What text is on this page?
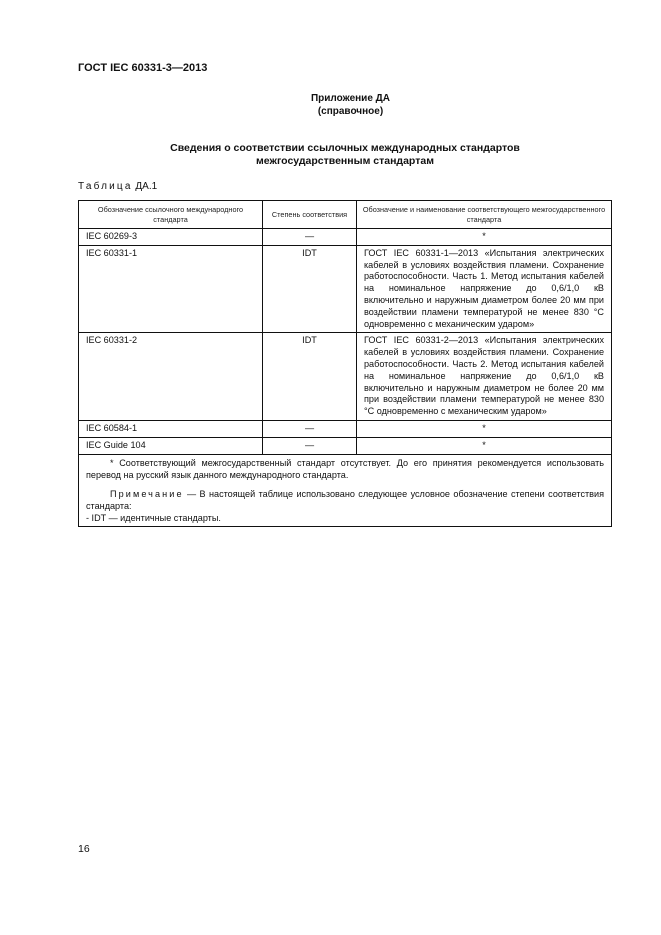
ГОСТ IEC 60331-3—2013
Приложение ДА
(справочное)
Сведения о соответствии ссылочных международных стандартов
межгосударственным стандартам
Таблица ДА.1
Обозначение ссылочного международного стандарта	Степень соответствия	Обозначение и наименование соответствующего межгосударственного стандарта
IEC 60269-3	—	*
IEC 60331-1	IDT	ГОСТ IEC 60331-1—2013 «Испытания электрических кабелей в условиях воздействия пламени. Сохранение работоспособности. Часть 1. Метод испытания кабелей на номинальное напряжение до 0,6/1,0 кВ включительно и наружным диаметром более 20 мм при воздействии пламени температурой не менее 830 °С одновременно с механическим ударом»
IEC 60331-2	IDT	ГОСТ IEC 60331-2—2013 «Испытания электрических кабелей в условиях воздействия пламени. Сохранение работоспособности. Часть 2. Метод испытания кабелей на номинальное напряжение до 0,6/1,0 кВ включительно и наружным диаметром не более 20 мм при воздействии пламени температурой не менее 830 °С одновременно с механическим ударом»
IEC 60584-1	—	*
IEC Guide 104	—	*

* Соответствующий межгосударственный стандарт отсутствует. До его принятия рекомендуется использовать перевод на русский язык данного международного стандарта.

Примечание — В настоящей таблице использовано следующее условное обозначение степени соответствия стандарта:

- IDT — идентичные стандарты.		

16
